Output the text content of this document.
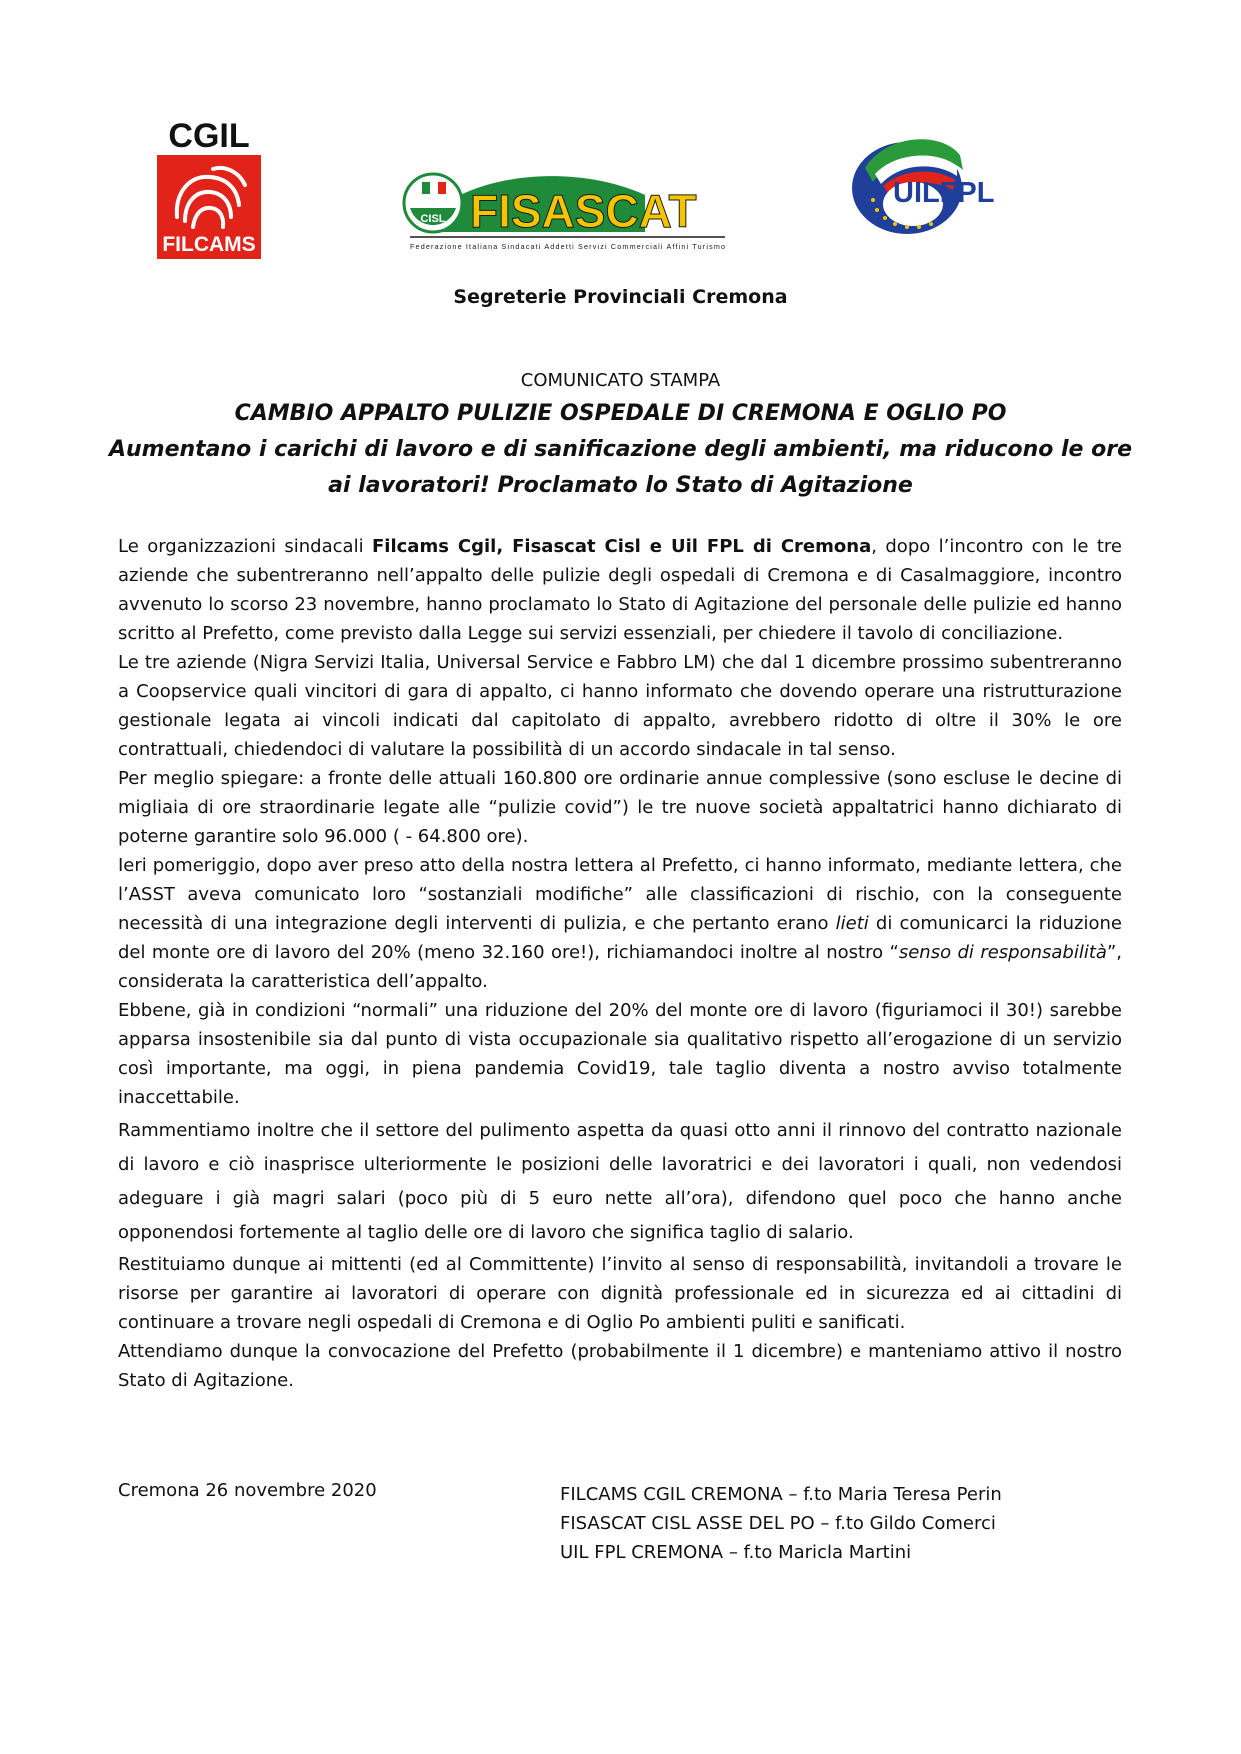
CGIL
FILCAMS
CISL FISASCAT
Federazione Italiana Sindacati Addetti Servizi Commerciali Affini Turismo
UILFPL
Segreterie Provinciali Cremona
COMUNICATO STAMPA
CAMBIO APPALTO PULIZIE OSPEDALE DI CREMONA E OGLIO PO
Aumentano i carichi di lavoro e di sanificazione degli ambienti, ma riducono le ore ai lavoratori! Proclamato lo Stato di Agitazione

Le organizzazioni sindacali Filcams Cgil, Fisascat Cisl e Uil FPL di Cremona, dopo l’incontro con le tre aziende che subentreranno nell’appalto delle pulizie degli ospedali di Cremona e di Casalmaggiore, incontro avvenuto lo scorso 23 novembre, hanno proclamato lo Stato di Agitazione del personale delle pulizie ed hanno scritto al Prefetto, come previsto dalla Legge sui servizi essenziali, per chiedere il tavolo di conciliazione.

Le tre aziende (Nigra Servizi Italia, Universal Service e Fabbro LM) che dal 1 dicembre prossimo subentreranno a Coopservice quali vincitori di gara di appalto, ci hanno informato che dovendo operare una ristrutturazione gestionale legata ai vincoli indicati dal capitolato di appalto, avrebbero ridotto di oltre il 30% le ore contrattuali, chiedendoci di valutare la possibilità di un accordo sindacale in tal senso.

Per meglio spiegare: a fronte delle attuali 160.800 ore ordinarie annue complessive (sono escluse le decine di migliaia di ore straordinarie legate alle “pulizie covid”) le tre nuove società appaltatrici hanno dichiarato di poterne garantire solo 96.000 ( - 64.800 ore).

Ieri pomeriggio, dopo aver preso atto della nostra lettera al Prefetto, ci hanno informato, mediante lettera, che l’ASST aveva comunicato loro “sostanziali modifiche” alle classificazioni di rischio, con la conseguente necessità di una integrazione degli interventi di pulizia, e che pertanto erano lieti di comunicarci la riduzione del monte ore di lavoro del 20% (meno 32.160 ore!), richiamandoci inoltre al nostro “senso di responsabilità”, considerata la caratteristica dell’appalto.

Ebbene, già in condizioni “normali” una riduzione del 20% del monte ore di lavoro (figuriamoci il 30!) sarebbe apparsa insostenibile sia dal punto di vista occupazionale sia qualitativo rispetto all’erogazione di un servizio così importante, ma oggi, in piena pandemia Covid19, tale taglio diventa a nostro avviso totalmente inaccettabile.

Rammentiamo inoltre che il settore del pulimento aspetta da quasi otto anni il rinnovo del contratto nazionale di lavoro e ciò inasprisce ulteriormente le posizioni delle lavoratrici e dei lavoratori i quali, non vedendosi adeguare i già magri salari (poco più di 5 euro nette all’ora), difendono quel poco che hanno anche opponendosi fortemente al taglio delle ore di lavoro che significa taglio di salario.

Restituiamo dunque ai mittenti (ed al Committente) l’invito al senso di responsabilità, invitandoli a trovare le risorse per garantire ai lavoratori di operare con dignità professionale ed in sicurezza ed ai cittadini di continuare a trovare negli ospedali di Cremona e di Oglio Po ambienti puliti e sanificati.

Attendiamo dunque la convocazione del Prefetto (probabilmente il 1 dicembre) e manteniamo attivo il nostro Stato di Agitazione.

Cremona 26 novembre 2020	FILCAMS CGIL CREMONA – f.to Maria Teresa Perin
FISASCAT CISL ASSE DEL PO – f.to Gildo Comerci
UIL FPL CREMONA – f.to Maricla Martini
